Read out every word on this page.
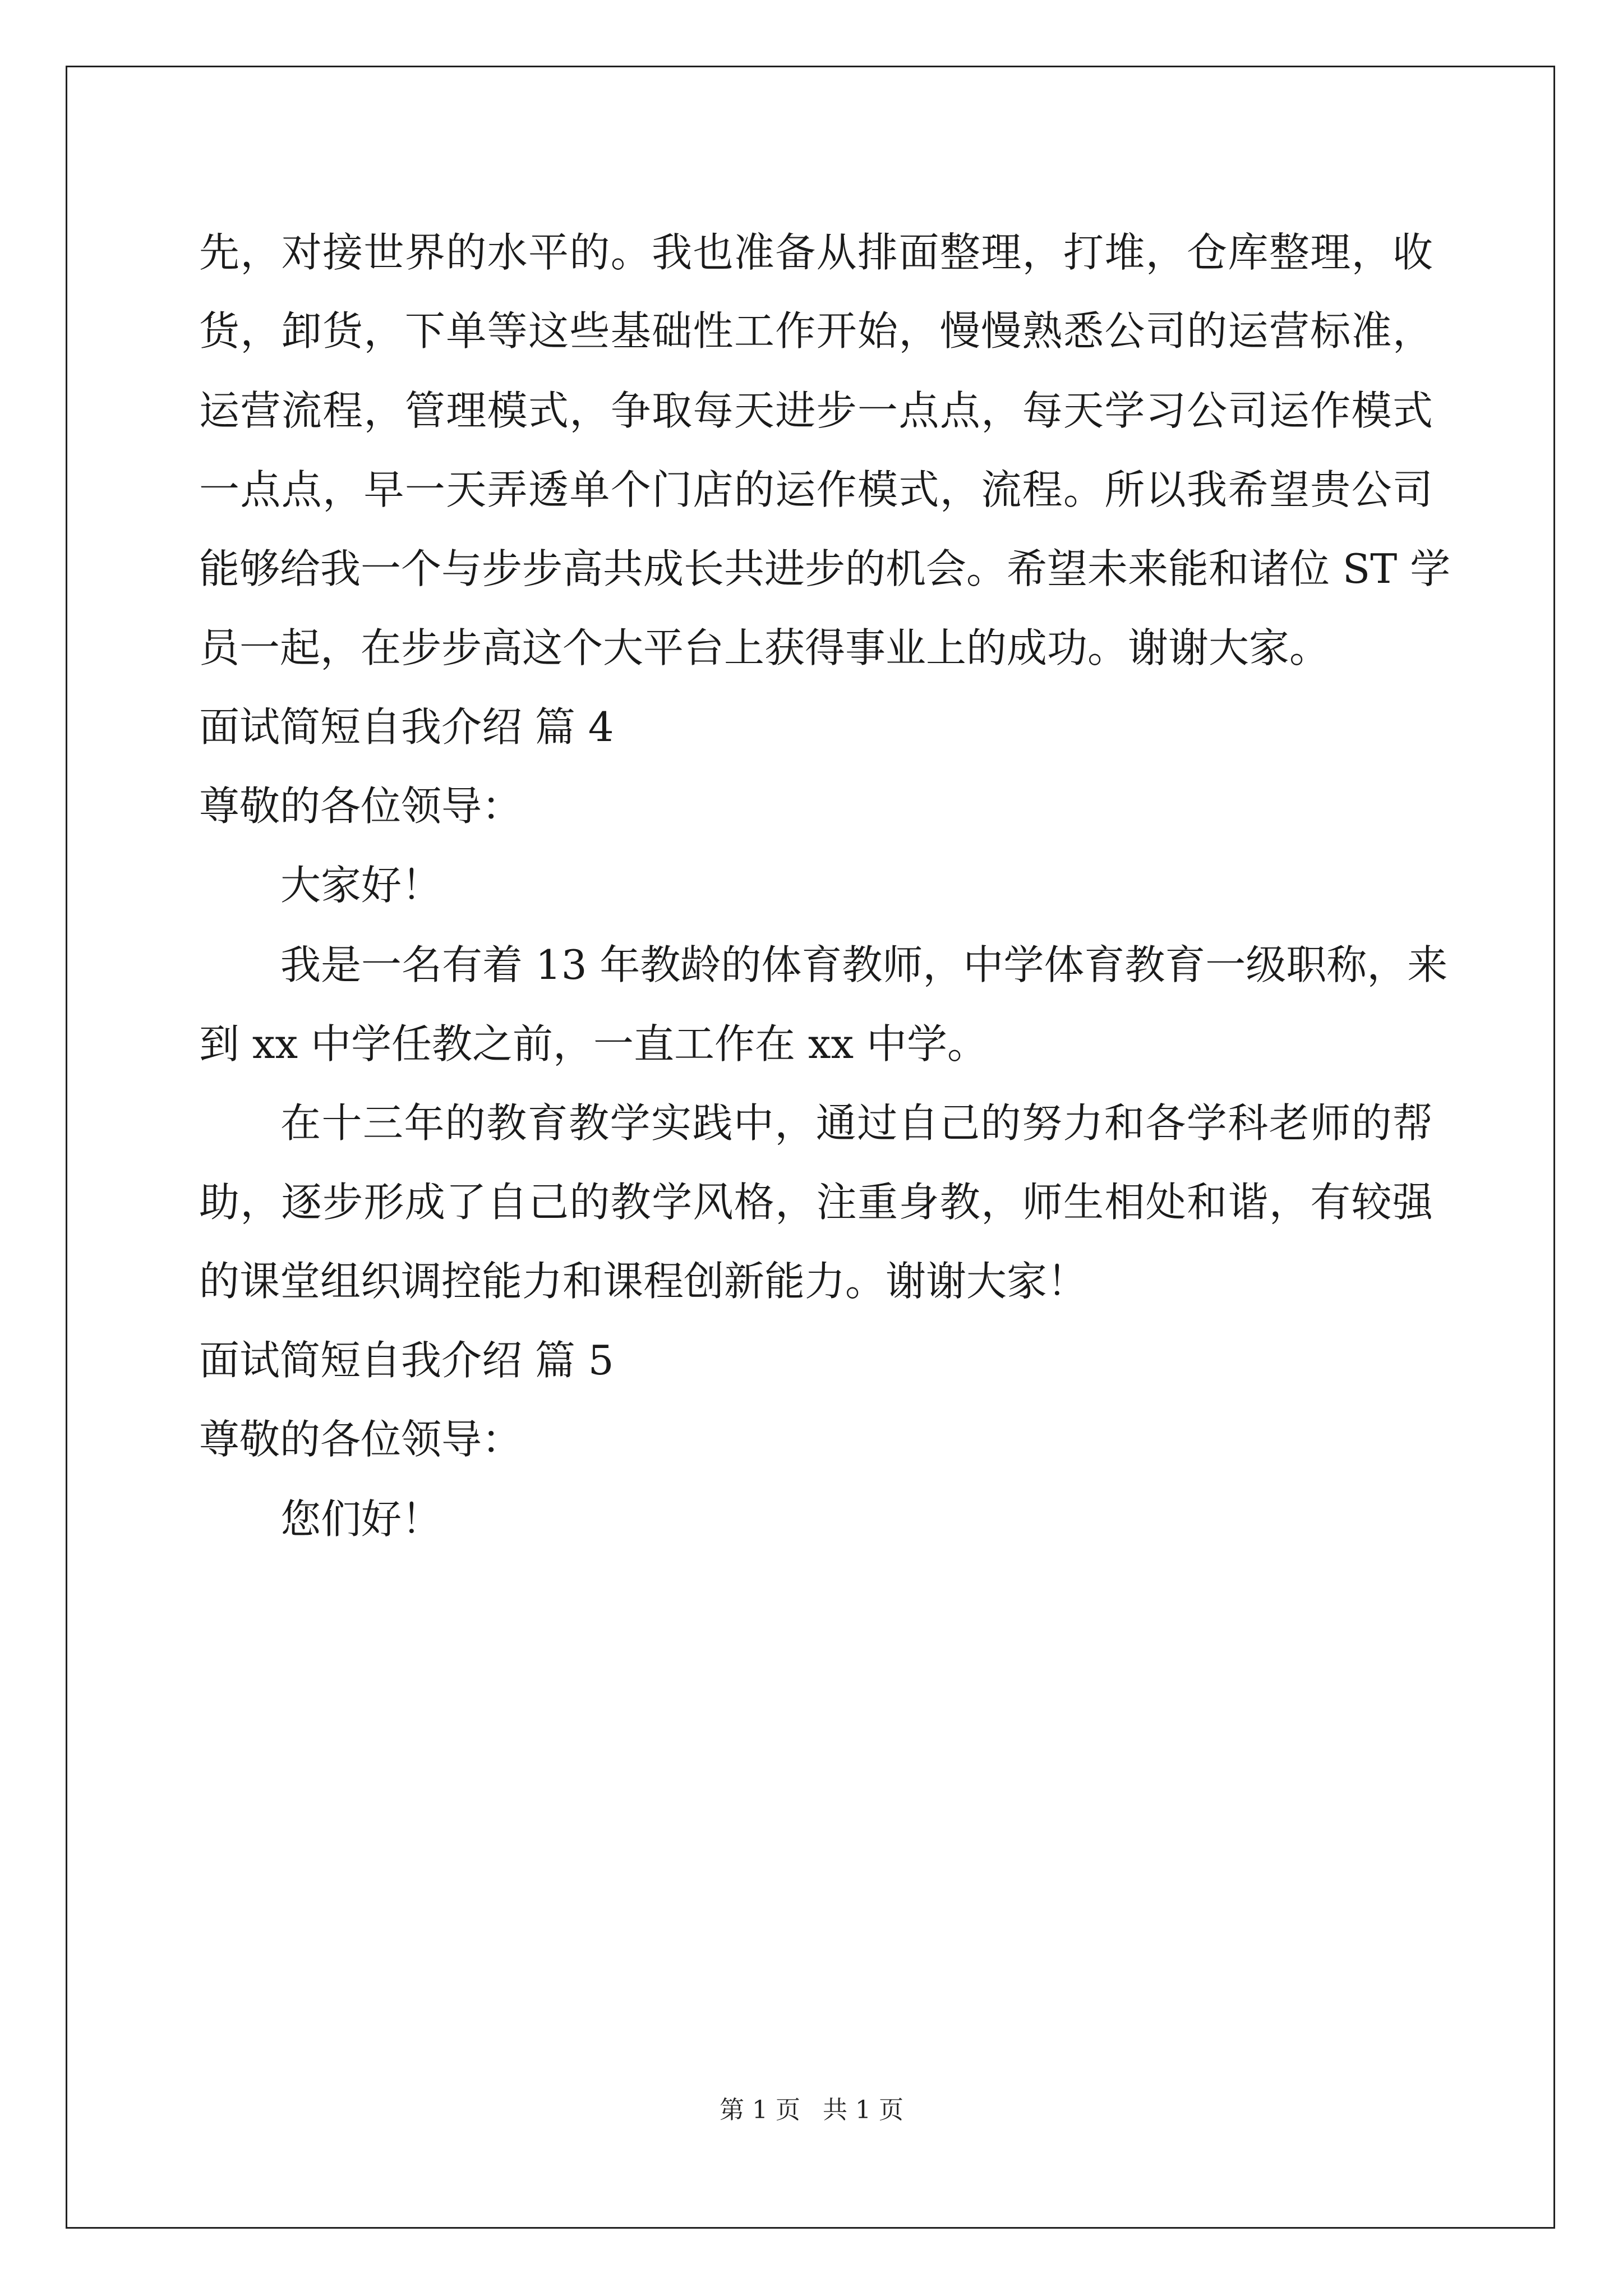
先，对接世界的水平的。我也准备从排面整理，打堆，仓库整理，收
货，卸货，下单等这些基础性工作开始，慢慢熟悉公司的运营标准，
运营流程，管理模式，争取每天进步一点点，每天学习公司运作模式
一点点，早一天弄透单个门店的运作模式，流程。所以我希望贵公司
能够给我一个与步步高共成长共进步的机会。希望未来能和诸位 ST 学
员一起，在步步高这个大平台上获得事业上的成功。谢谢大家。
面试简短自我介绍 篇 4
尊敬的各位领导：
大家好！
我是一名有着 13 年教龄的体育教师，中学体育教育一级职称，来
到 xx 中学任教之前，一直工作在 xx 中学。
在十三年的教育教学实践中，通过自己的努力和各学科老师的帮
助，逐步形成了自己的教学风格，注重身教，师生相处和谐，有较强
的课堂组织调控能力和课程创新能力。谢谢大家！
面试简短自我介绍 篇 5
尊敬的各位领导：
您们好！
第 1 页 共 1 页
